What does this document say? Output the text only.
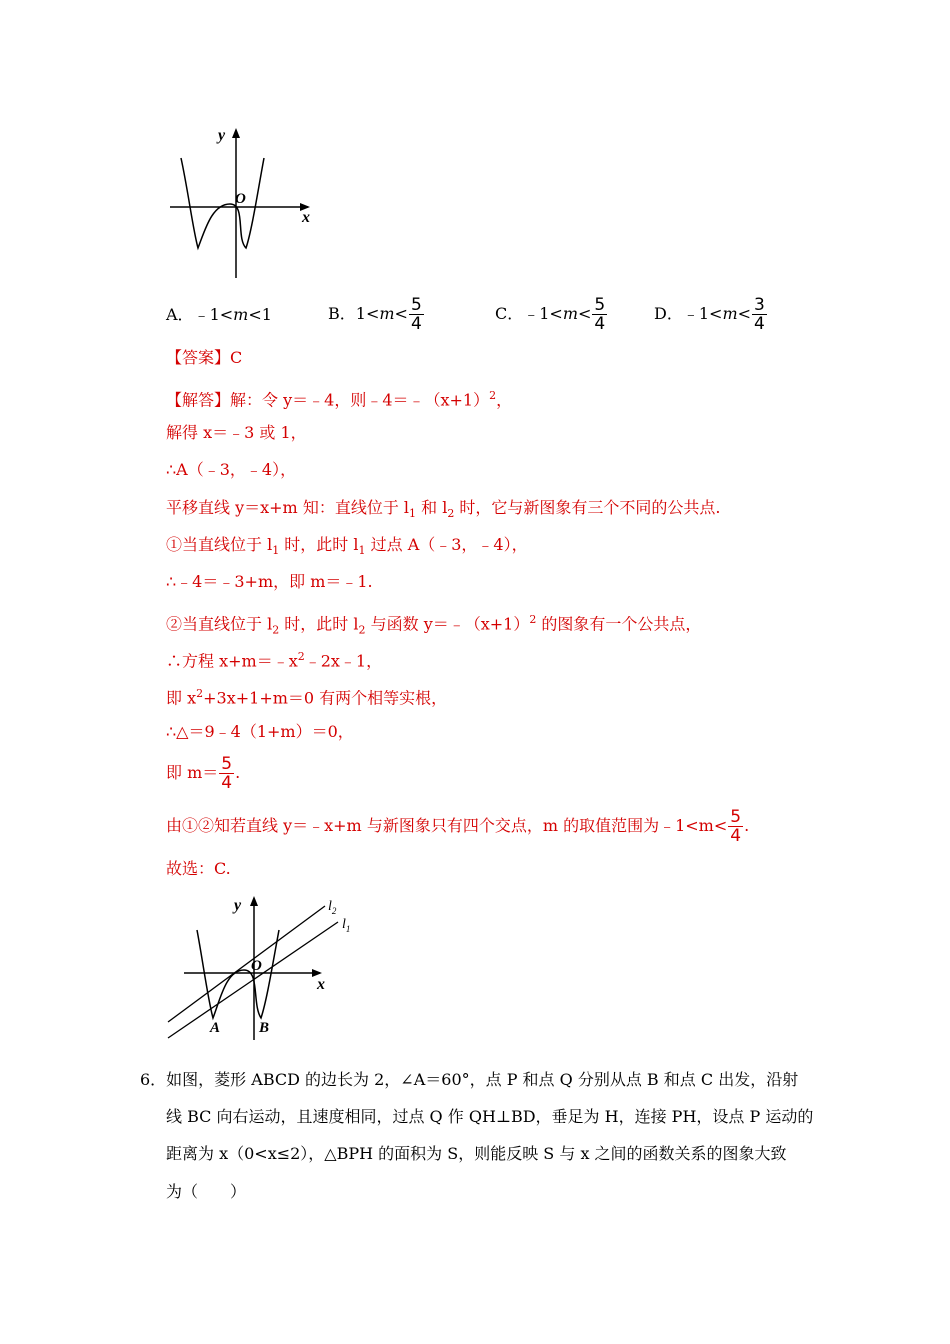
y
O
x
A．﹣1<m<1	B．$1<m< \frac{5}{4}$	C．﹣1<m< $\frac{5}{4}$	D．﹣1<m< $\frac{3}{4}$
【答案】C
【解答】解：令 y＝﹣4，则$﹣4=﹣(x+1)^2$，
解得 x＝﹣3 或 1，
∴A（﹣3，﹣4），
平移直线 y＝x+m 知：直线位于 $l_1$ 和 $l_2$ 时，它与新图象有三个不同的公共点.
①当直线位于 $l_1$ 时，此时 $l_1$ 过点 A（﹣3，﹣4），
∴﹣4＝﹣3+m，即 m＝﹣1.
②当直线位于 $l_2$ 时，此时 $l_2$ 与函数 $y=﹣(x+1)^2$ 的图象有一个公共点，
∴方程 $x+m=﹣x^2﹣2x﹣1$，
即 $x^2+3x+1+m=0$ 有两个相等实根，
∴△＝9﹣4（1+m）＝0，
即 $m= \frac{5}{4}$ .
由①②知若直线 y＝﹣x+m 与新图象只有四个交点，m 的取值范围为﹣1<m< $\frac{5}{4}$ .
故选：C.
y
O
x
$l_2$
$l_1$
A	B
6．如图，菱形 ABCD 的边长为 2，∠A＝60°，点 P 和点 Q 分别从点 B 和点 C 出发，沿射
线 BC 向右运动，且速度相同，过点 Q 作 QH⊥BD，垂足为 H，连接 PH，设点 P 运动的
距离为 x（0<x≤2），△BPH 的面积为 S，则能反映 S 与 x 之间的函数关系的图象大致
为（　　）
